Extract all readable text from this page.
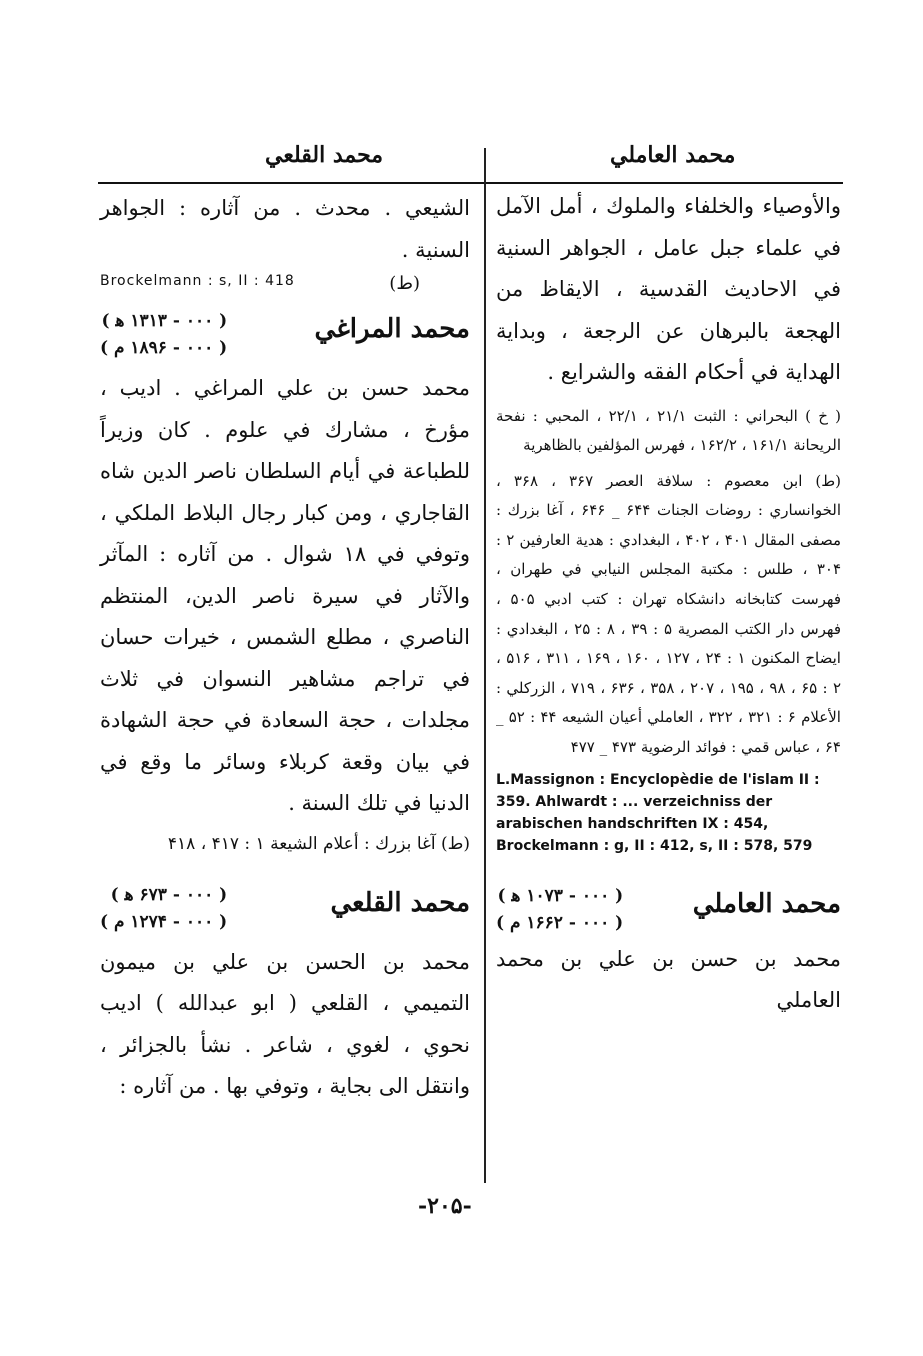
محمد القلعي	محمد العاملي

والأوصياء والخلفاء والملوك ، أمل الآمل في علماء جبل عامل ، الجواهر السنية في الاحاديث القدسية ، الايقاظ من الهجعة بالبرهان عن الرجعة ، وبداية الهداية في أحكام الفقه والشرايع .

( خ ) البحراني : الثبت ۲۱/۱ ، ۲۲/۱ ، المحبي : نفحة الريحانة ۱۶۱/۱ ، ۱۶۲/۲ ، فهرس المؤلفين بالظاهرية

(ط) ابن معصوم : سلافة العصر ۳۶۷ ، ۳۶۸ ، الخوانساري : روضات الجنات ۶۴۴ _ ۶۴۶ ، آغا بزرك : مصفى المقال ۴۰۱ ، ۴۰۲ ، البغدادي : هدية العارفين ۲ : ۳۰۴ ، طلس : مكتبة المجلس النيابي في طهران ، فهرست كتابخانه دانشكاه تهران : كتب ادبي ۵۰۵ ، فهرس دار الكتب المصرية ۵ : ۳۹ ، ۸ : ۲۵ ، البغدادي : ايضاح المكنون ۱ : ۲۴ ، ۱۲۷ ، ۱۶۰ ، ۱۶۹ ، ۳۱۱ ، ۵۱۶ ، ۲ : ۶۵ ، ۹۸ ، ۱۹۵ ، ۲۰۷ ، ۳۵۸ ، ۶۳۶ ، ۷۱۹ ، الزركلي : الأعلام ۶ : ۳۲۱ ، ۳۲۲ ، العاملي أعيان الشيعه ۴۴ : ۵۲ _ ۶۴ ، عباس قمي : فوائد الرضوية ۴۷۳ _ ۴۷۷

L.Massignon : Encyclopèdie de l'islam II : 359. Ahlwardt : ... verzeichniss der arabischen handschriften IX : 454, Brockelmann : g, II : 412, s, II : 578, 579

محمد العاملي
( ۰۰۰ - ۱۰۷۳ ﻫ )
( ۰۰۰ - ۱۶۶۲ م )

محمد بن حسن بن علي بن محمد العاملي

الشيعي . محدث . من آثاره : الجواهر السنية .

Brockelmann : s, II : 418	(ط)
محمد المراغي
( ۰۰۰ - ۱۳۱۳ ﻫ )
( ۰۰۰ - ۱۸۹۶ م )

محمد حسن بن علي المراغي . اديب ، مؤرخ ، مشارك في علوم . كان وزيراً للطباعة في أيام السلطان ناصر الدين شاه القاجاري ، ومن كبار رجال البلاط الملكي ، وتوفي في ۱۸ شوال . من آثاره : المآثر والآثار في سيرة ناصر الدين، المنتظم الناصري ، مطلع الشمس ، خيرات حسان في تراجم مشاهير النسوان في ثلاث مجلدات ، حجة السعادة في حجة الشهادة في بيان وقعة كربلاء وسائر ما وقع في الدنيا في تلك السنة .

(ط) آغا بزرك : أعلام الشيعة ۱ : ۴۱۷ ، ۴۱۸

محمد القلعي
( ۰۰۰ - ۶۷۳ ﻫ )
( ۰۰۰ - ۱۲۷۴ م )

محمد بن الحسن بن علي بن ميمون التميمي ، القلعي ( ابو عبدالله ) اديب نحوي ، لغوي ، شاعر . نشأ بالجزائر ، وانتقل الى بجاية ، وتوفي بها . من آثاره :

-۲۰۵-
